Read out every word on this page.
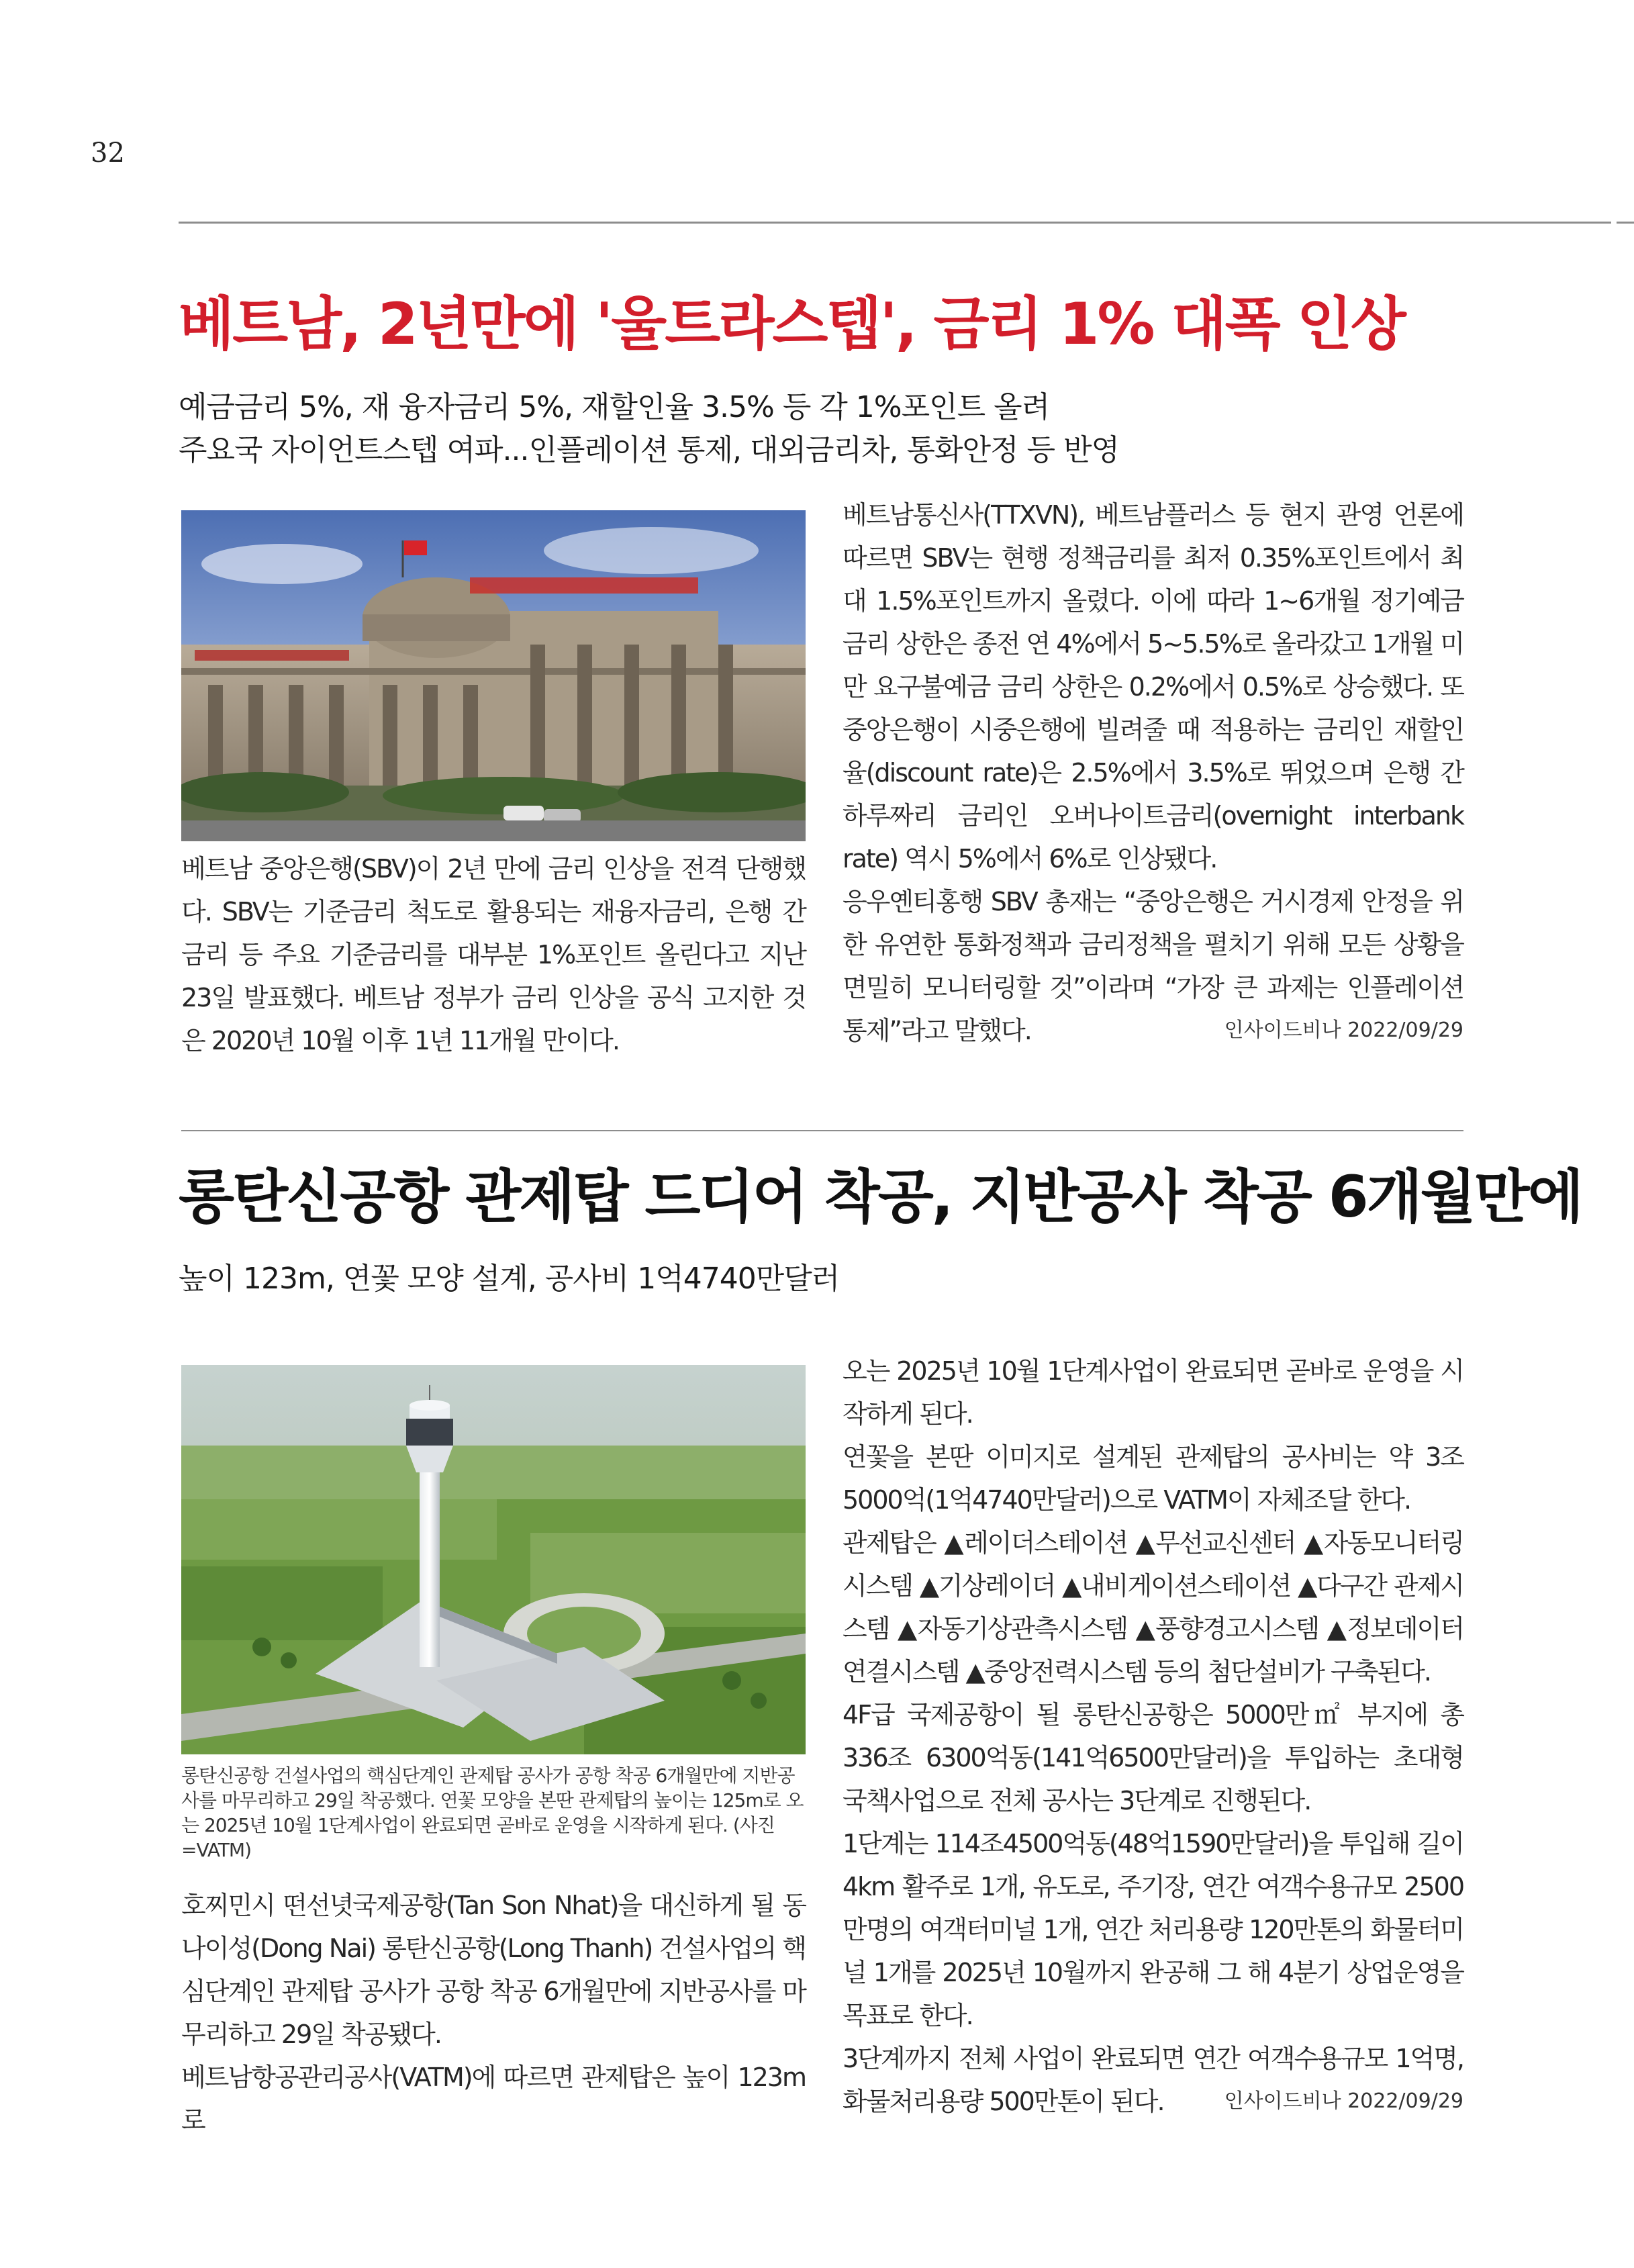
32
베트남, 2년만에 '울트라스텝', 금리 1% 대폭 인상
예금금리 5%, 재 융자금리 5%, 재할인율 3.5% 등 각 1%포인트 올려
주요국 자이언트스텝 여파...인플레이션 통제, 대외금리차, 통화안정 등 반영

베트남 중앙은행(SBV)이 2년 만에 금리 인상을 전격 단행했다. SBV는 기준금리 척도로 활용되는 재융자금리, 은행 간 금리 등 주요 기준금리를 대부분 1%포인트 올린다고 지난 23일 발표했다. 베트남 정부가 금리 인상을 공식 고지한 것은 2020년 10월 이후 1년 11개월 만이다.

베트남통신사(TTXVN), 베트남플러스 등 현지 관영 언론에 따르면 SBV는 현행 정책금리를 최저 0.35%포인트에서 최대 1.5%포인트까지 올렸다. 이에 따라 1~6개월 정기예금 금리 상한은 종전 연 4%에서 5~5.5%로 올라갔고 1개월 미만 요구불예금 금리 상한은 0.2%에서 0.5%로 상승했다. 또 중앙은행이 시중은행에 빌려줄 때 적용하는 금리인 재할인율(discount rate)은 2.5%에서 3.5%로 뛰었으며 은행 간 하루짜리 금리인 오버나이트금리(overnight interbank rate) 역시 5%에서 6%로 인상됐다.

응우옌티홍행 SBV 총재는 “중앙은행은 거시경제 안정을 위한 유연한 통화정책과 금리정책을 펼치기 위해 모든 상황을 면밀히 모니터링할 것”이라며 “가장 큰 과제는 인플레이션 통제”라고 말했다.	인사이드비나 2022/09/29

롱탄신공항 관제탑 드디어 착공, 지반공사 착공 6개월만에
높이 123m, 연꽃 모양 설계, 공사비 1억4740만달러
롱탄신공항 건설사업의 핵심단계인 관제탑 공사가 공항 착공 6개월만에 지반공사를 마무리하고 29일 착공했다. 연꽃 모양을 본딴 관제탑의 높이는 125m로 오는 2025년 10월 1단계사업이 완료되면 곧바로 운영을 시작하게 된다. (사진=VATM)

호찌민시 떤선녓국제공항(Tan Son Nhat)을 대신하게 될 동나이성(Dong Nai) 롱탄신공항(Long Thanh) 건설사업의 핵심단계인 관제탑 공사가 공항 착공 6개월만에 지반공사를 마무리하고 29일 착공됐다.

베트남항공관리공사(VATM)에 따르면 관제탑은 높이 123m로

오는 2025년 10월 1단계사업이 완료되면 곧바로 운영을 시작하게 된다.

연꽃을 본딴 이미지로 설계된 관제탑의 공사비는 약 3조5000억(1억4740만달러)으로 VATM이 자체조달 한다.

관제탑은 ▲레이더스테이션 ▲무선교신센터 ▲자동모니터링 시스템 ▲기상레이더 ▲내비게이션스테이션 ▲다구간 관제시스템 ▲자동기상관측시스템 ▲풍향경고시스템 ▲정보데이터 연결시스템 ▲중앙전력시스템 등의 첨단설비가 구축된다.

4F급 국제공항이 될 롱탄신공항은 5000만㎡ 부지에 총 336조 6300억동(141억6500만달러)을 투입하는 초대형 국책사업으로 전체 공사는 3단계로 진행된다.

1단계는 114조4500억동(48억1590만달러)을 투입해 길이 4km 활주로 1개, 유도로, 주기장, 연간 여객수용규모 2500만명의 여객터미널 1개, 연간 처리용량 120만톤의 화물터미널 1개를 2025년 10월까지 완공해 그 해 4분기 상업운영을 목표로 한다.

3단계까지 전체 사업이 완료되면 연간 여객수용규모 1억명, 화물처리용량 500만톤이 된다.	인사이드비나 2022/09/29
